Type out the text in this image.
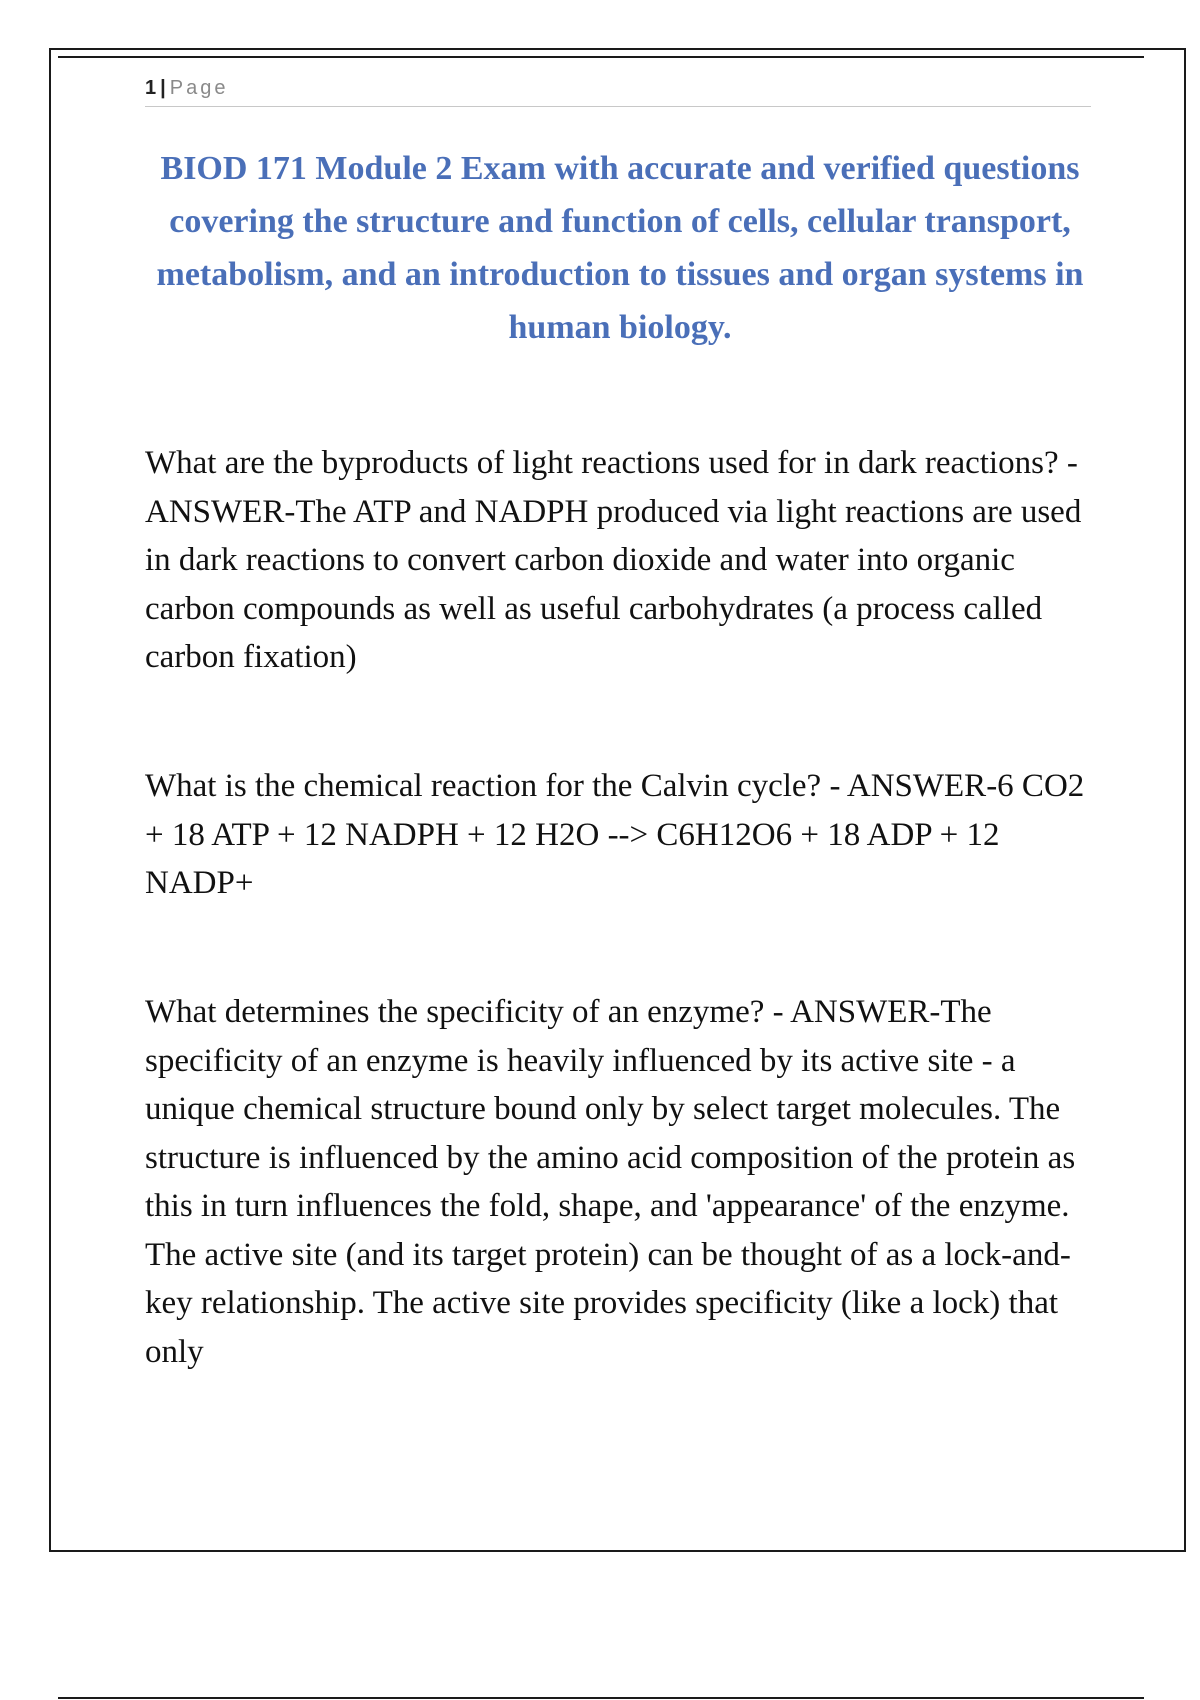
1 | Page
BIOD 171 Module 2 Exam with accurate and verified questions covering the structure and function of cells, cellular transport, metabolism, and an introduction to tissues and organ systems in human biology.

What are the byproducts of light reactions used for in dark reactions? - ANSWER-The ATP and NADPH produced via light reactions are used in dark reactions to convert carbon dioxide and water into organic carbon compounds as well as useful carbohydrates (a process called carbon fixation)

What is the chemical reaction for the Calvin cycle? - ANSWER-6 CO2 + 18 ATP + 12 NADPH + 12 H2O --> C6H12O6 + 18 ADP + 12 NADP+

What determines the specificity of an enzyme? - ANSWER-The specificity of an enzyme is heavily influenced by its active site - a unique chemical structure bound only by select target molecules. The structure is influenced by the amino acid composition of the protein as this in turn influences the fold, shape, and 'appearance' of the enzyme. The active site (and its target protein) can be thought of as a lock-and-key relationship. The active site provides specificity (like a lock) that only
